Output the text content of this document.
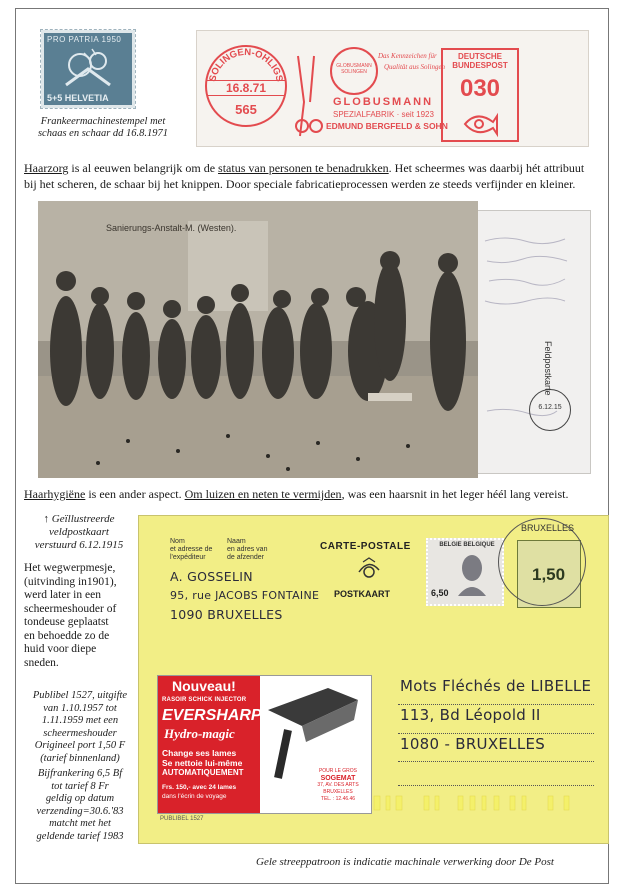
PRO PATRIA 1950
5+5 HELVETIA
Frankeermachinestempel met
schaas en schaar dd 16.8.1971
SOLINGEN-OHLIGS
16.8.71
565
GLOBUSMANN SOLINGEN
Das Kennzeichen für
Qualität aus Solingen
GLOBUSMANN
SPEZIALFABRIK · seit 1923
EDMUND BERGFELD & SOHN
DEUTSCHE BUNDESPOST
030
Haarzorg is al eeuwen belangrijk om de status van personen te benadrukken. Het scheermes was daarbij hét attribuut
bij het scheren, de schaar bij het knippen. Door speciale fabricatieprocessen werden ze steeds verfijnder en kleiner.
Feldpostkarte
6.12.15
Sanierungs-Anstalt-M. (Westen).
Haarhygiëne is een ander aspect. Om luizen en neten te vermijden, was een haarsnit in het leger héél lang vereist.
↑ Geïllustreerde
veldpostkaart
verstuurd 6.12.1915
Het wegwerpmesje,
(uitvinding in1901),
werd later in een
scheermeshouder of
tondeuse geplaatst
en behoedde zo de
huid voor diepe
sneden.
Publibel 1527, uitgifte
van 1.10.1957 tot
1.11.1959 met een
scheermeshouder
Origineel port 1,50 F
(tarief binnenland)
Bijfrankering 6,5 Bf
tot tarief 8 Fr
geldig op datum
verzending=30.6.'83
matcht met het
geldende tarief 1983
Nom
et adresse de
l'expéditeur
Naam
en adres van
de afzender
A. GOSSELIN
95, rue JACOBS FONTAINE
1090 BRUXELLES
CARTE-POSTALE
POSTKAART
BELGIE BELGIQUE
6,50
1,50
BRUXELLES
Mots Fléchés de LIBELLE
113, Bd Léopold II
1080 - BRUXELLES
PUBLIBEL 1527
Nouveau!
RASOIR SCHICK INJECTOR
EVERSHARP
Hydro-magic
Change ses lames
Se nettoie lui-même
AUTOMATIQUEMENT
Frs. 150,- avec 24 lames
dans l'écrin de voyage
POUR LE GROS
SOGEMAT
37, AV. DES ARTS
BRUXELLES
TEL. : 12.46.46
Gele streeppatroon is indicatie machinale verwerking door De Post
